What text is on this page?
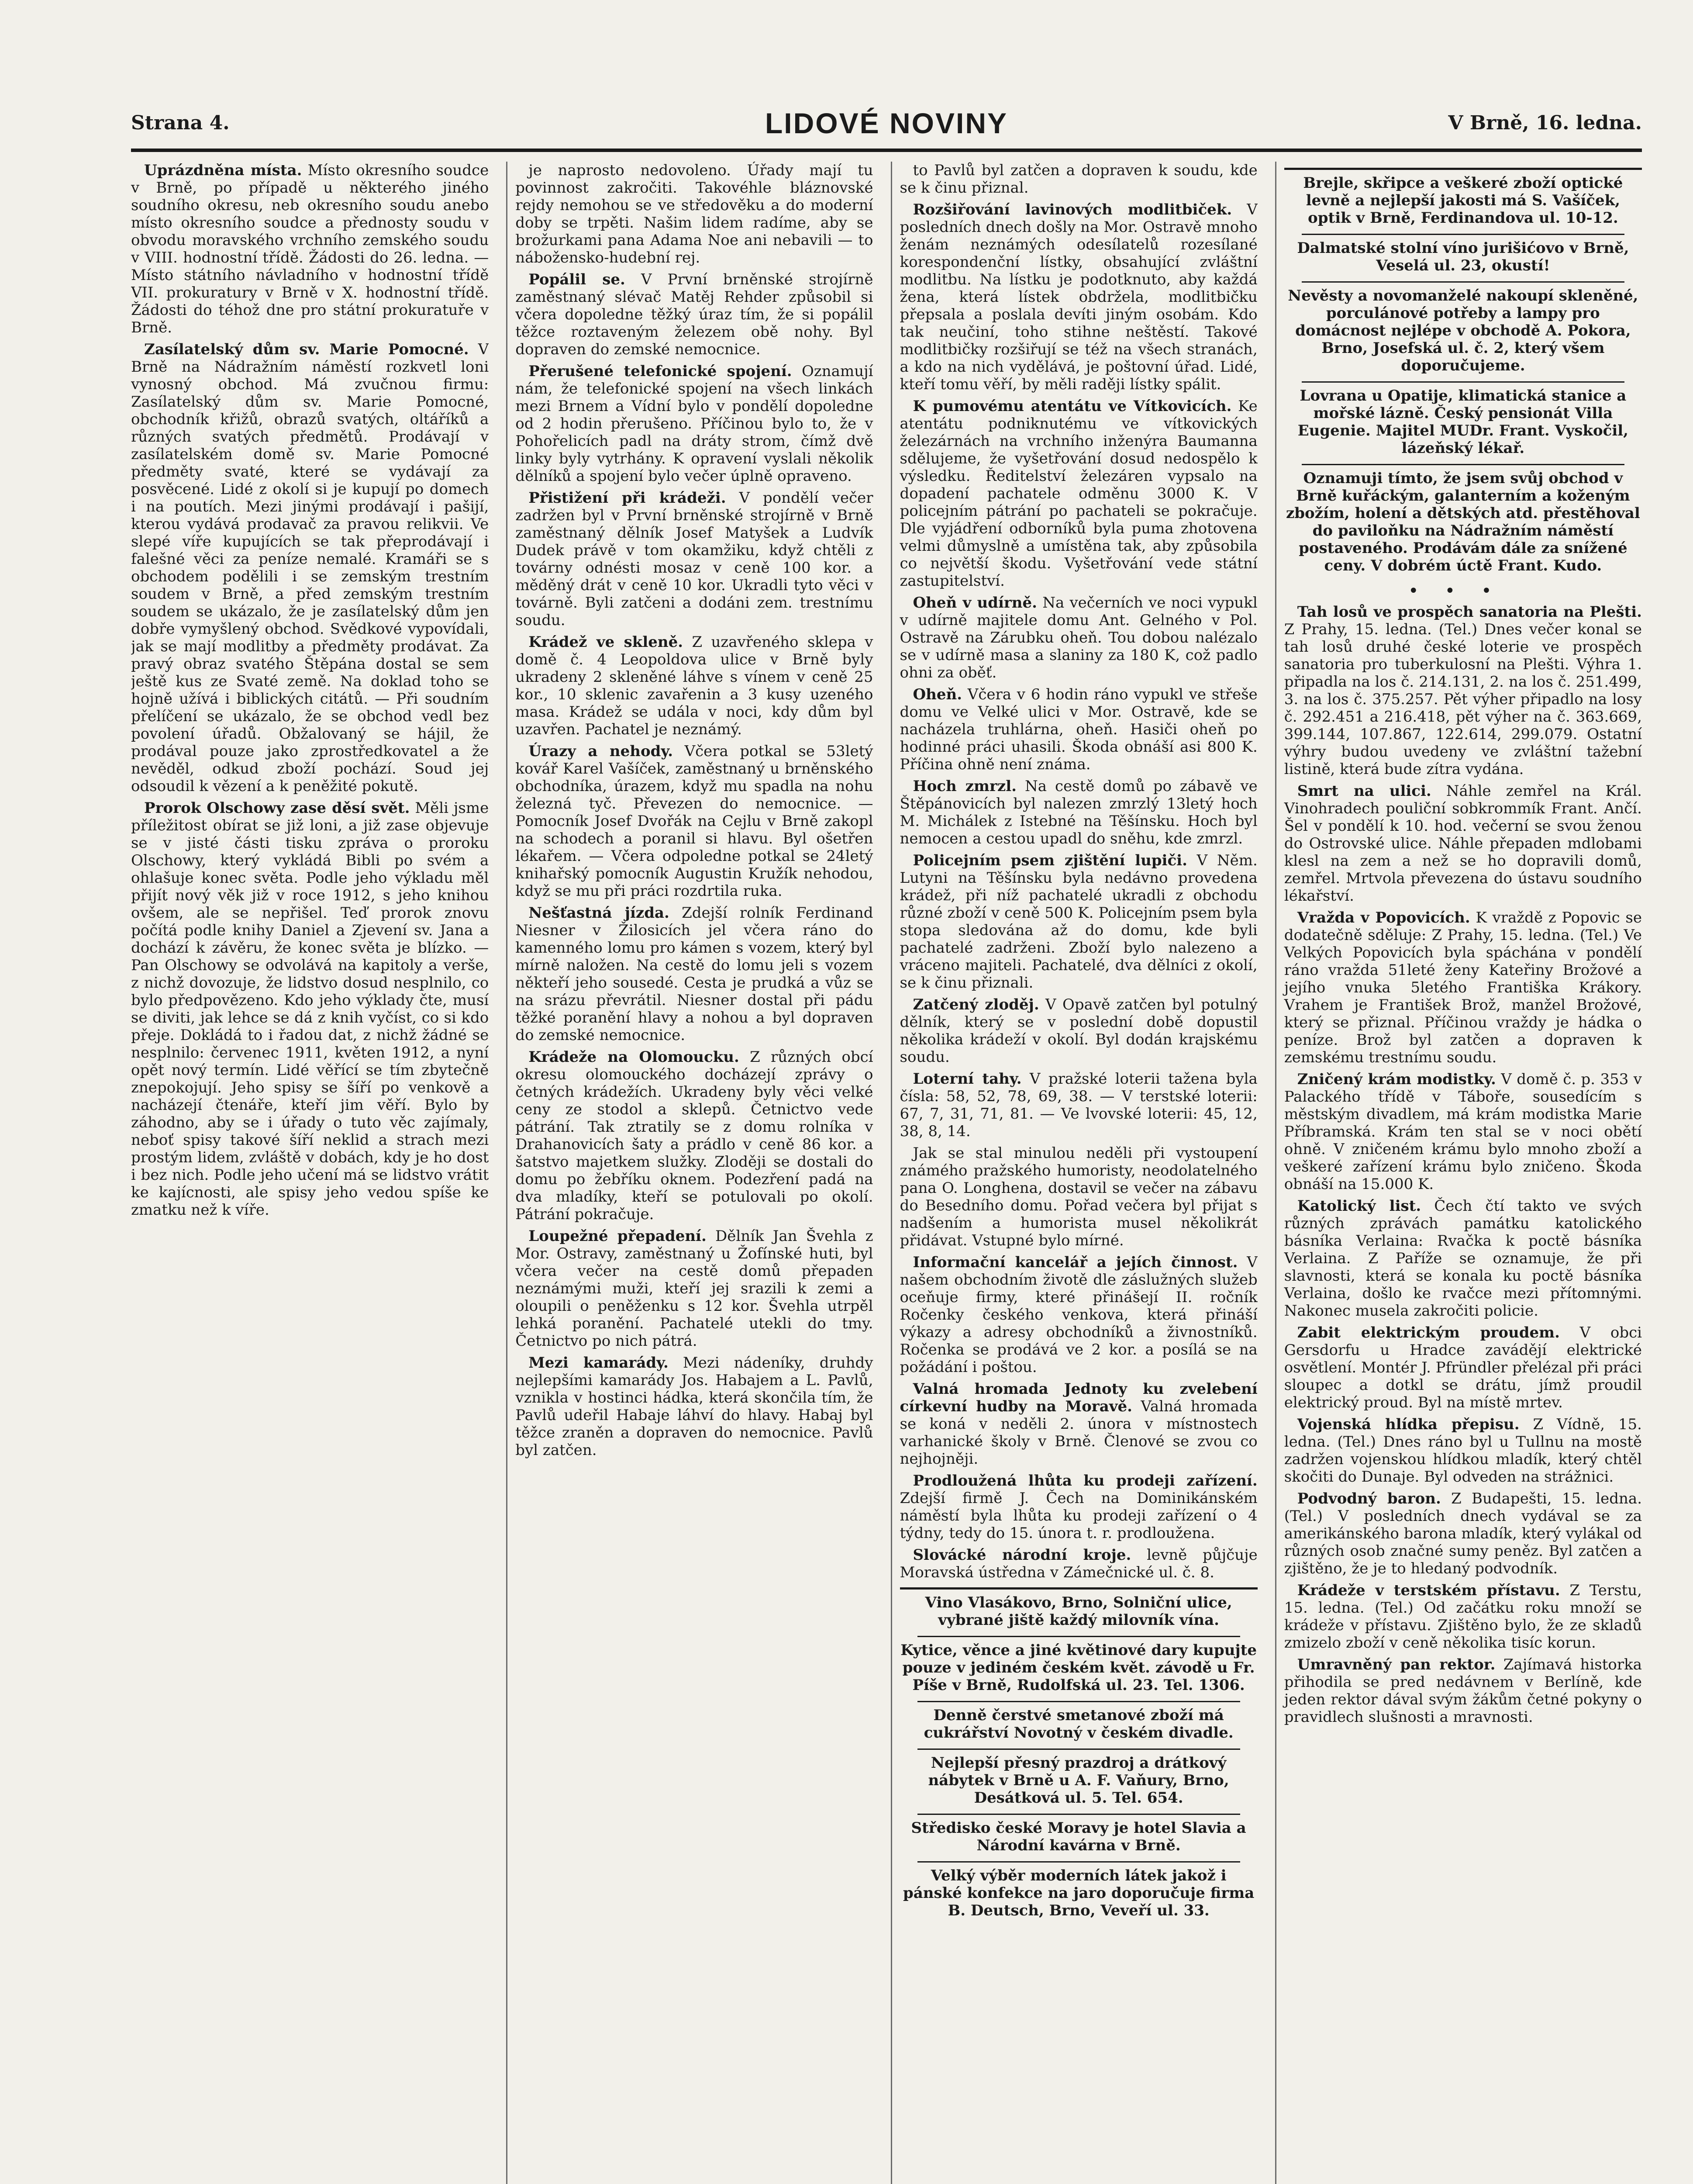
Strana 4.	LIDOVÉ NOVINY	V Brně, 16. ledna.

Uprázdněna místa. Místo okresního soudce v Brně, po případě u některého jiného soudního okresu, neb okresního soudu anebo místo okresního soudce a přednosty soudu v obvodu moravského vrchního zemského soudu v VIII. hodnostní třídě. Žádosti do 26. ledna. — Místo státního návladního v hodnostní třídě VII. prokuratury v Brně v X. hodnostní třídě. Žádosti do téhož dne pro státní prokuratuře v Brně.

Zasílatelský dům sv. Marie Pomocné. V Brně na Nádražním náměstí rozkvetl loni vynosný obchod. Má zvučnou firmu: Zasílatelský dům sv. Marie Pomocné, obchodník křižů, obrazů svatých, oltáříků a různých svatých předmětů. Prodávají v zasílatelském domě sv. Marie Pomocné předměty svaté, které se vydávají za posvěcené. Lidé z okolí si je kupují po domech i na poutích. Mezi jinými prodávají i pašijí, kterou vydává prodavač za pravou relikvii. Ve slepé víře kupujících se tak přeprodávají i falešné věci za peníze nemalé. Kramáři se s obchodem podělili i se zemským trestním soudem v Brně, a před zemským trestním soudem se ukázalo, že je zasílatelský dům jen dobře vymyšlený obchod. Svědkové vypovídali, jak se mají modlitby a předměty prodávat. Za pravý obraz svatého Štěpána dostal se sem ještě kus ze Svaté země. Na doklad toho se hojně užívá i biblických citátů. — Při soudním přelíčení se ukázalo, že se obchod vedl bez povolení úřadů. Obžalovaný se hájil, že prodával pouze jako zprostředkovatel a že nevěděl, odkud zboží pochází. Soud jej odsoudil k vězení a k peněžité pokutě.

Prorok Olschowy zase děsí svět. Měli jsme příležitost obírat se již loni, a již zase objevuje se v jisté části tisku zpráva o proroku Olschowy, který vykládá Bibli po svém a ohlašuje konec světa. Podle jeho výkladu měl přijít nový věk již v roce 1912, s jeho knihou ovšem, ale se nepřišel. Teď prorok znovu počítá podle knihy Daniel a Zjevení sv. Jana a dochází k závěru, že konec světa je blízko. — Pan Olschowy se odvolává na kapitoly a verše, z nichž dovozuje, že lidstvo dosud nesplnilo, co bylo předpovězeno. Kdo jeho výklady čte, musí se diviti, jak lehce se dá z knih vyčíst, co si kdo přeje. Dokládá to i řadou dat, z nichž žádné se nesplnilo: červenec 1911, květen 1912, a nyní opět nový termín. Lidé věřící se tím zbytečně znepokojují. Jeho spisy se šíří po venkově a nacházejí čtenáře, kteří jim věří. Bylo by záhodno, aby se i úřady o tuto věc zajímaly, neboť spisy takové šíří neklid a strach mezi prostým lidem, zvláště v dobách, kdy je ho dost i bez nich. Podle jeho učení má se lidstvo vrátit ke kajícnosti, ale spisy jeho vedou spíše ke zmatku než k víře.

je naprosto nedovoleno. Úřady mají tu povinnost zakročiti. Takovéhle bláznovské rejdy nemohou se ve středověku a do moderní doby se trpěti. Našim lidem radíme, aby se brožurkami pana Adama Noe ani nebavili — to nábožensko-hudební rej.

Popálil se. V První brněnské strojírně zaměstnaný slévač Matěj Rehder způsobil si včera dopoledne těžký úraz tím, že si popálil těžce roztaveným železem obě nohy. Byl dopraven do zemské nemocnice.

Přerušené telefonické spojení. Oznamují nám, že telefonické spojení na všech linkách mezi Brnem a Vídní bylo v pondělí dopoledne od 2 hodin přerušeno. Příčinou bylo to, že v Pohořelicích padl na dráty strom, čímž dvě linky byly vytrhány. K opravení vyslali několik dělníků a spojení bylo večer úplně opraveno.

Přistižení při krádeži. V pondělí večer zadržen byl v První brněnské strojírně v Brně zaměstnaný dělník Josef Matyšek a Ludvík Dudek právě v tom okamžiku, když chtěli z továrny odnésti mosaz v ceně 100 kor. a měděný drát v ceně 10 kor. Ukradli tyto věci v továrně. Byli zatčeni a dodáni zem. trestnímu soudu.

Krádež ve skleně. Z uzavřeného sklepa v domě č. 4 Leopoldova ulice v Brně byly ukradeny 2 skleněné láhve s vínem v ceně 25 kor., 10 sklenic zavařenin a 3 kusy uzeného masa. Krádež se udála v noci, kdy dům byl uzavřen. Pachatel je neznámý.

Úrazy a nehody. Včera potkal se 53letý kovář Karel Vašíček, zaměstnaný u brněnského obchodníka, úrazem, když mu spadla na nohu železná tyč. Převezen do nemocnice. — Pomocník Josef Dvořák na Cejlu v Brně zakopl na schodech a poranil si hlavu. Byl ošetřen lékařem. — Včera odpoledne potkal se 24letý knihařský pomocník Augustin Kružík nehodou, když se mu při práci rozdrtila ruka.

Nešťastná jízda. Zdejší rolník Ferdinand Niesner v Žilosicích jel včera ráno do kamenného lomu pro kámen s vozem, který byl mírně naložen. Na cestě do lomu jeli s vozem někteří jeho sousedé. Cesta je prudká a vůz se na srázu převrátil. Niesner dostal při pádu těžké poranění hlavy a nohou a byl dopraven do zemské nemocnice.

Krádeže na Olomoucku. Z různých obcí okresu olomouckého docházejí zprávy o četných krádežích. Ukradeny byly věci velké ceny ze stodol a sklepů. Četnictvo vede pátrání. Tak ztratily se z domu rolníka v Drahanovicích šaty a prádlo v ceně 86 kor. a šatstvo majetkem služky. Zloději se dostali do domu po žebříku oknem. Podezření padá na dva mladíky, kteří se potulovali po okolí. Pátrání pokračuje.

Loupežné přepadení. Dělník Jan Švehla z Mor. Ostravy, zaměstnaný u Žofínské huti, byl včera večer na cestě domů přepaden neznámými muži, kteří jej srazili k zemi a oloupili o peněženku s 12 kor. Švehla utrpěl lehká poranění. Pachatelé utekli do tmy. Četnictvo po nich pátrá.

Mezi kamarády. Mezi nádeníky, druhdy nejlepšími kamarády Jos. Habajem a L. Pavlů, vznikla v hostinci hádka, která skončila tím, že Pavlů udeřil Habaje láhví do hlavy. Habaj byl těžce zraněn a dopraven do nemocnice. Pavlů byl zatčen.

to Pavlů byl zatčen a dopraven k soudu, kde se k činu přiznal.

Rozšiřování lavinových modlitbiček. V posledních dnech došly na Mor. Ostravě mnoho ženám neznámých odesílatelů rozesílané korespondenční lístky, obsahující zvláštní modlitbu. Na lístku je podotknuto, aby každá žena, která lístek obdržela, modlitbičku přepsala a poslala devíti jiným osobám. Kdo tak neučiní, toho stihne neštěstí. Takové modlitbičky rozšiřují se též na všech stranách, a kdo na nich vydělává, je poštovní úřad. Lidé, kteří tomu věří, by měli raději lístky spálit.

K pumovému atentátu ve Vítkovicích. Ke atentátu podniknutému ve vítkovických železárnách na vrchního inženýra Baumanna sdělujeme, že vyšetřování dosud nedospělo k výsledku. Ředitelství železáren vypsalo na dopadení pachatele odměnu 3000 K. V policejním pátrání po pachateli se pokračuje. Dle vyjádření odborníků byla puma zhotovena velmi důmyslně a umístěna tak, aby způsobila co největší škodu. Vyšetřování vede státní zastupitelství.

Oheň v udírně. Na večerních ve noci vypukl v udírně majitele domu Ant. Gelného v Pol. Ostravě na Zárubku oheň. Tou dobou nalézalo se v udírně masa a slaniny za 180 K, což padlo ohni za oběť.

Oheň. Včera v 6 hodin ráno vypukl ve střeše domu ve Velké ulici v Mor. Ostravě, kde se nacházela truhlárna, oheň. Hasiči oheň po hodinné práci uhasili. Škoda obnáší asi 800 K. Příčina ohně není známa.

Hoch zmrzl. Na cestě domů po zábavě ve Štěpánovicích byl nalezen zmrzlý 13letý hoch M. Michálek z Istebné na Těšínsku. Hoch byl nemocen a cestou upadl do sněhu, kde zmrzl.

Policejním psem zjištění lupiči. V Něm. Lutyni na Těšínsku byla nedávno provedena krádež, při níž pachatelé ukradli z obchodu různé zboží v ceně 500 K. Policejním psem byla stopa sledována až do domu, kde byli pachatelé zadrženi. Zboží bylo nalezeno a vráceno majiteli. Pachatelé, dva dělníci z okolí, se k činu přiznali.

Zatčený zloděj. V Opavě zatčen byl potulný dělník, který se v poslední době dopustil několika krádeží v okolí. Byl dodán krajskému soudu.

Loterní tahy. V pražské loterii tažena byla čísla: 58, 52, 78, 69, 38. — V terstské loterii: 67, 7, 31, 71, 81. — Ve lvovské loterii: 45, 12, 38, 8, 14.

Jak se stal minulou neděli při vystoupení známého pražského humoristy, neodolatelného pana O. Longhena, dostavil se večer na zábavu do Besedního domu. Pořad večera byl přijat s nadšením a humorista musel několikrát přidávat. Vstupné bylo mírné.

Informační kancelář a jejích činnost. V našem obchodním životě dle záslužných služeb oceňuje firmy, které přinášejí II. ročník Ročenky českého venkova, která přináší výkazy a adresy obchodníků a živnostníků. Ročenka se prodává ve 2 kor. a posílá se na požádání i poštou.

Valná hromada Jednoty ku zvelebení církevní hudby na Moravě. Valná hromada se koná v neděli 2. února v místnostech varhanické školy v Brně. Členové se zvou co nejhojněji.

Prodloužená lhůta ku prodeji zařízení. Zdejší firmě J. Čech na Dominikánském náměstí byla lhůta ku prodeji zařízení o 4 týdny, tedy do 15. února t. r. prodloužena.

Slovácké národní kroje. levně půjčuje Moravská ústředna v Zámečnické ul. č. 8.

Vino Vlasákovo, Brno, Solniční ulice, vybrané jiště každý milovník vína.

Kytice, věnce a jiné květinové dary kupujte pouze v jediném českém květ. závodě u Fr. Píše v Brně, Rudolfská ul. 23. Tel. 1306.

Denně čerstvé smetanové zboží má cukrářství Novotný v českém divadle.

Nejlepší přesný prazdroj a drátkový nábytek v Brně u A. F. Vaňury, Brno, Desátková ul. 5. Tel. 654.

Středisko české Moravy je hotel Slavia a Národní kavárna v Brně.

Velký výběr moderních látek jakož i pánské konfekce na jaro doporučuje firma B. Deutsch, Brno, Veveří ul. 33.

Brejle, skřipce a veškeré zboží optické levně a nejlepší jakosti má S. Vašíček, optik v Brně, Ferdinandova ul. 10-12.

Dalmatské stolní víno jurišićovo v Brně, Veselá ul. 23, okustí!

Nevěsty a novomanželé nakoupí skleněné, porculánové potřeby a lampy pro domácnost nejlépe v obchodě A. Pokora, Brno, Josefská ul. č. 2, který všem doporučujeme.

Lovrana u Opatije, klimatická stanice a mořské lázně. Český pensionát Villa Eugenie. Majitel MUDr. Frant. Vyskočil, lázeňský lékař.

Oznamuji tímto, že jsem svůj obchod v Brně kuřáckým, galanterním a koženým zbožím, holení a dětských atd. přestěhoval do paviloňku na Nádražním náměstí postaveného. Prodávám dále za snížené ceny. V dobrém úctě Frant. Kudo.

•••

Tah losů ve prospěch sanatoria na Plešti. Z Prahy, 15. ledna. (Tel.) Dnes večer konal se tah losů druhé české loterie ve prospěch sanatoria pro tuberkulosní na Plešti. Výhra 1. připadla na los č. 214.131, 2. na los č. 251.499, 3. na los č. 375.257. Pět výher připadlo na losy č. 292.451 a 216.418, pět výher na č. 363.669, 399.144, 107.867, 122.614, 299.079. Ostatní výhry budou uvedeny ve zvláštní tažební listině, která bude zítra vydána.

Smrt na ulici. Náhle zemřel na Král. Vinohradech pouliční sobkrommík Frant. Ančí. Šel v pondělí k 10. hod. večerní se svou ženou do Ostrovské ulice. Náhle přepaden mdlobami klesl na zem a než se ho dopravili domů, zemřel. Mrtvola převezena do ústavu soudního lékařství.

Vražda v Popovicích. K vraždě z Popovic se dodatečně sděluje: Z Prahy, 15. ledna. (Tel.) Ve Velkých Popovicích byla spáchána v pondělí ráno vražda 51leté ženy Kateřiny Brožové a jejího vnuka 5letého Františka Krákory. Vrahem je František Brož, manžel Brožové, který se přiznal. Příčinou vraždy je hádka o peníze. Brož byl zatčen a dopraven k zemskému trestnímu soudu.

Zničený krám modistky. V domě č. p. 353 v Palackého třídě v Táboře, sousedícím s městským divadlem, má krám modistka Marie Příbramská. Krám ten stal se v noci obětí ohně. V zničeném krámu bylo mnoho zboží a veškeré zařízení krámu bylo zničeno. Škoda obnáší na 15.000 K.

Katolický list. Čech čtí takto ve svých různých zprávách památku katolického básníka Verlaina: Rvačka k poctě básníka Verlaina. Z Paříže se oznamuje, že při slavnosti, která se konala ku poctě básníka Verlaina, došlo ke rvačce mezi přítomnými. Nakonec musela zakročiti policie.

Zabit elektrickým proudem. V obci Gersdorfu u Hradce zavádějí elektrické osvětlení. Montér J. Pfründler přelézal při práci sloupec a dotkl se drátu, jímž proudil elektrický proud. Byl na místě mrtev.

Vojenská hlídka přepisu. Z Vídně, 15. ledna. (Tel.) Dnes ráno byl u Tullnu na mostě zadržen vojenskou hlídkou mladík, který chtěl skočiti do Dunaje. Byl odveden na strážnici.

Podvodný baron. Z Budapešti, 15. ledna. (Tel.) V posledních dnech vydával se za amerikánského barona mladík, který vylákal od různých osob značné sumy peněz. Byl zatčen a zjištěno, že je to hledaný podvodník.

Krádeže v terstském přístavu. Z Terstu, 15. ledna. (Tel.) Od začátku roku množí se krádeže v přístavu. Zjištěno bylo, že ze skladů zmizelo zboží v ceně několika tisíc korun.

Umravněný pan rektor. Zajímavá historka přihodila se pred nedávnem v Berlíně, kde jeden rektor dával svým žákům četné pokyny o pravidlech slušnosti a mravnosti.
